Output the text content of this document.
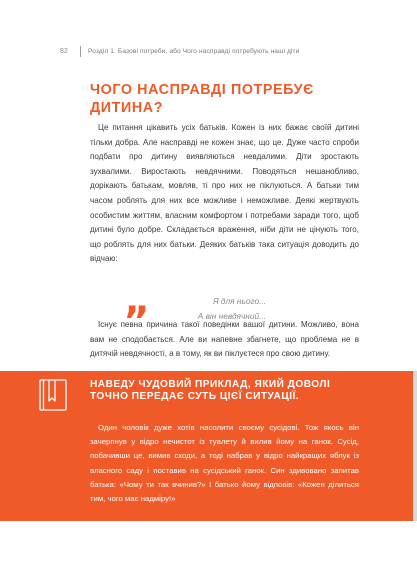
82	Розділ 1. Базові потреби, або Чого насправді потребують наші діти
ЧОГО НАСПРАВДІ ПОТРЕБУЄ ДИТИНА?

Це питання цікавить усіх батьків. Кожен із них бажає своїй дитині тільки добра. Але насправді не кожен знає, що це. Дуже часто спроби подбати про дитину виявляються невдалими. Діти зростають зухвалими. Виростають невдячними. Поводяться нешанобливо, дорікають батькам, мовляв, ті про них не піклуються. А батьки тим часом роблять для них все можливе і неможливе. Деякі жертвують особистим життям, власним комфортом і потребами заради того, щоб дитині було добре. Складається враження, ніби діти не цінують того, що роблять для них батьки. Деяких батьків така ситуація доводить до відчаю:

„	Я для нього...
А він невдячний...

Існує певна причина такої поведінки вашої дитини. Можливо, вона вам не сподобається. Але ви напевне збагнете, що проблема не в дитячій невдячності, а в тому, як ви піклуєтеся про свою дитину.

НАВЕДУ ЧУДОВИЙ ПРИКЛАД, ЯКИЙ ДОВОЛІ ТОЧНО ПЕРЕДАЄ СУТЬ ЦІЄЇ СИТУАЦІЇ.

Один чоловік дуже хотів насолити своєму сусідові. Тож якось він зачерпнув у відро нечистот із туалету й вилив йому на ганок. Сусід, побачивши це, вимив сходи, а тоді набрав у відро найкращих яблук із власного саду і поставив на сусідський ганок. Син здивовано запитав батька: «Чому ти так вчинив?» І батько йому відповів: «Кожен ділиться тим, чого має надміру!»
